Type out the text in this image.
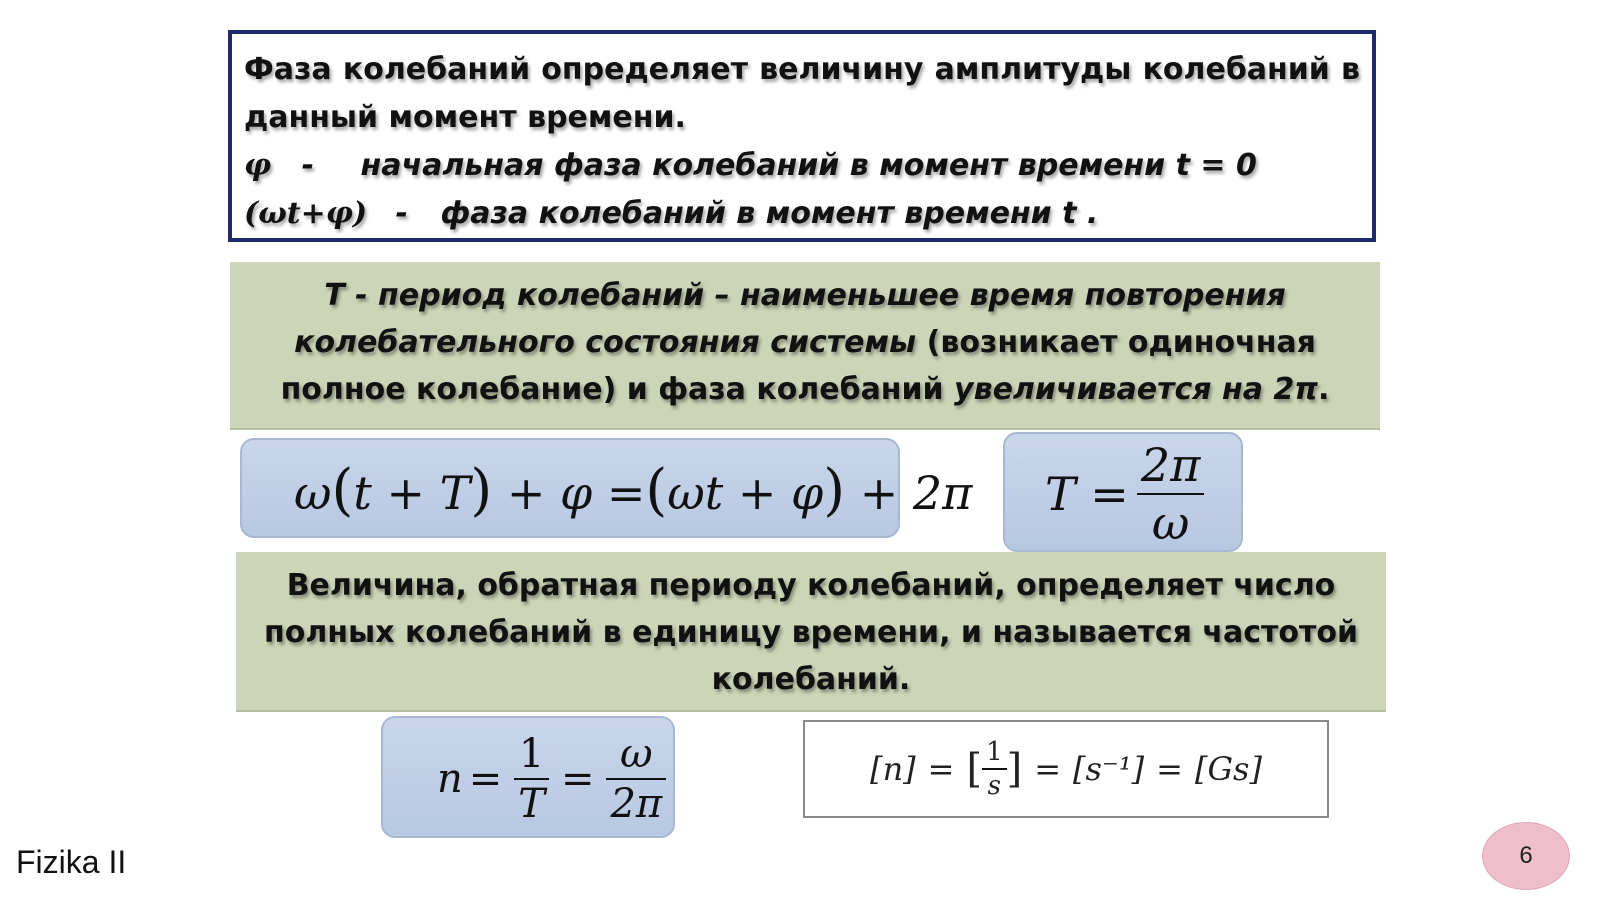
Фаза колебаний определяет величину амплитуды колебаний в
данный момент времени.
φ - начальная фаза колебаний в момент времени t = 0
(ωt+φ) - фаза колебаний в момент времени t .
T - период колебаний – наименьшее время повторения колебательного состояния системы (возникает одиночная полное колебание) и фаза колебаний увеличивается на 2π.
ω(t + T) + φ =(ωt + φ) + 2π $T = \frac{2\pi}{\omega}$
Величина, обратная периоду колебаний, определяет число полных колебаний в единицу времени, и называется частотой колебаний.
$n = \frac{1}{T} = \frac{\omega}{2\pi}$	[n] = [ $\frac{1}{s}$ ] = [s⁻¹] = [Gs]
Fizika II	6
